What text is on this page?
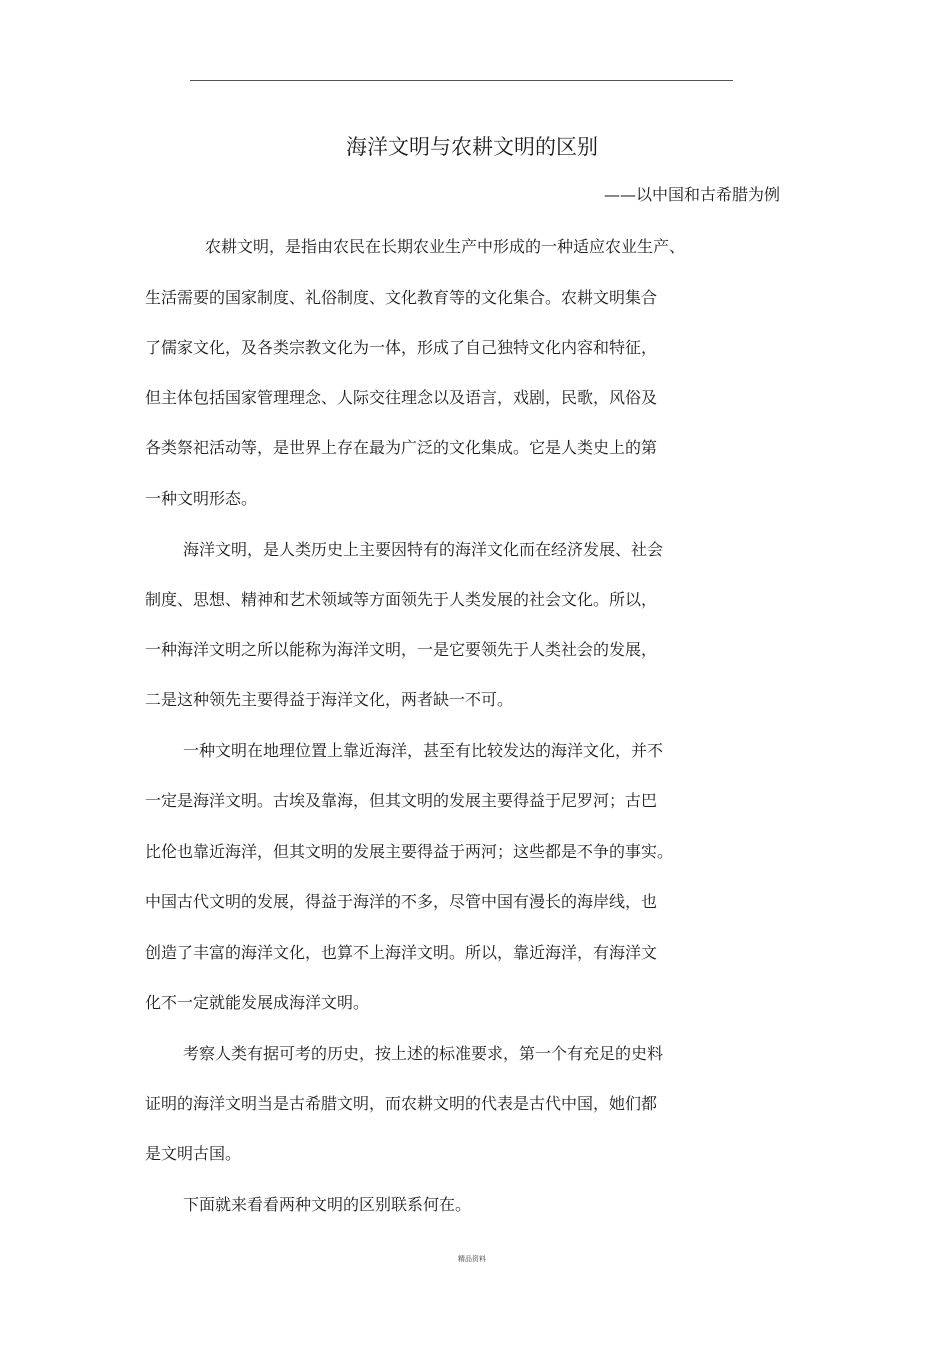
海洋文明与农耕文明的区别
——以中国和古希腊为例
农耕文明，是指由农民在长期农业生产中形成的一种适应农业生产、
生活需要的国家制度、礼俗制度、文化教育等的文化集合。农耕文明集合
了儒家文化，及各类宗教文化为一体，形成了自己独特文化内容和特征，
但主体包括国家管理理念、人际交往理念以及语言，戏剧，民歌，风俗及
各类祭祀活动等，是世界上存在最为广泛的文化集成。它是人类史上的第
一种文明形态。
海洋文明，是人类历史上主要因特有的海洋文化而在经济发展、社会
制度、思想、精神和艺术领域等方面领先于人类发展的社会文化。所以，
一种海洋文明之所以能称为海洋文明，一是它要领先于人类社会的发展，
二是这种领先主要得益于海洋文化，两者缺一不可。
一种文明在地理位置上靠近海洋，甚至有比较发达的海洋文化，并不
一定是海洋文明。古埃及靠海，但其文明的发展主要得益于尼罗河；古巴
比伦也靠近海洋，但其文明的发展主要得益于两河；这些都是不争的事实。
中国古代文明的发展，得益于海洋的不多，尽管中国有漫长的海岸线，也
创造了丰富的海洋文化，也算不上海洋文明。所以，靠近海洋，有海洋文
化不一定就能发展成海洋文明。
考察人类有据可考的历史，按上述的标准要求，第一个有充足的史料
证明的海洋文明当是古希腊文明，而农耕文明的代表是古代中国，她们都
是文明古国。
下面就来看看两种文明的区别联系何在。
精品资料
